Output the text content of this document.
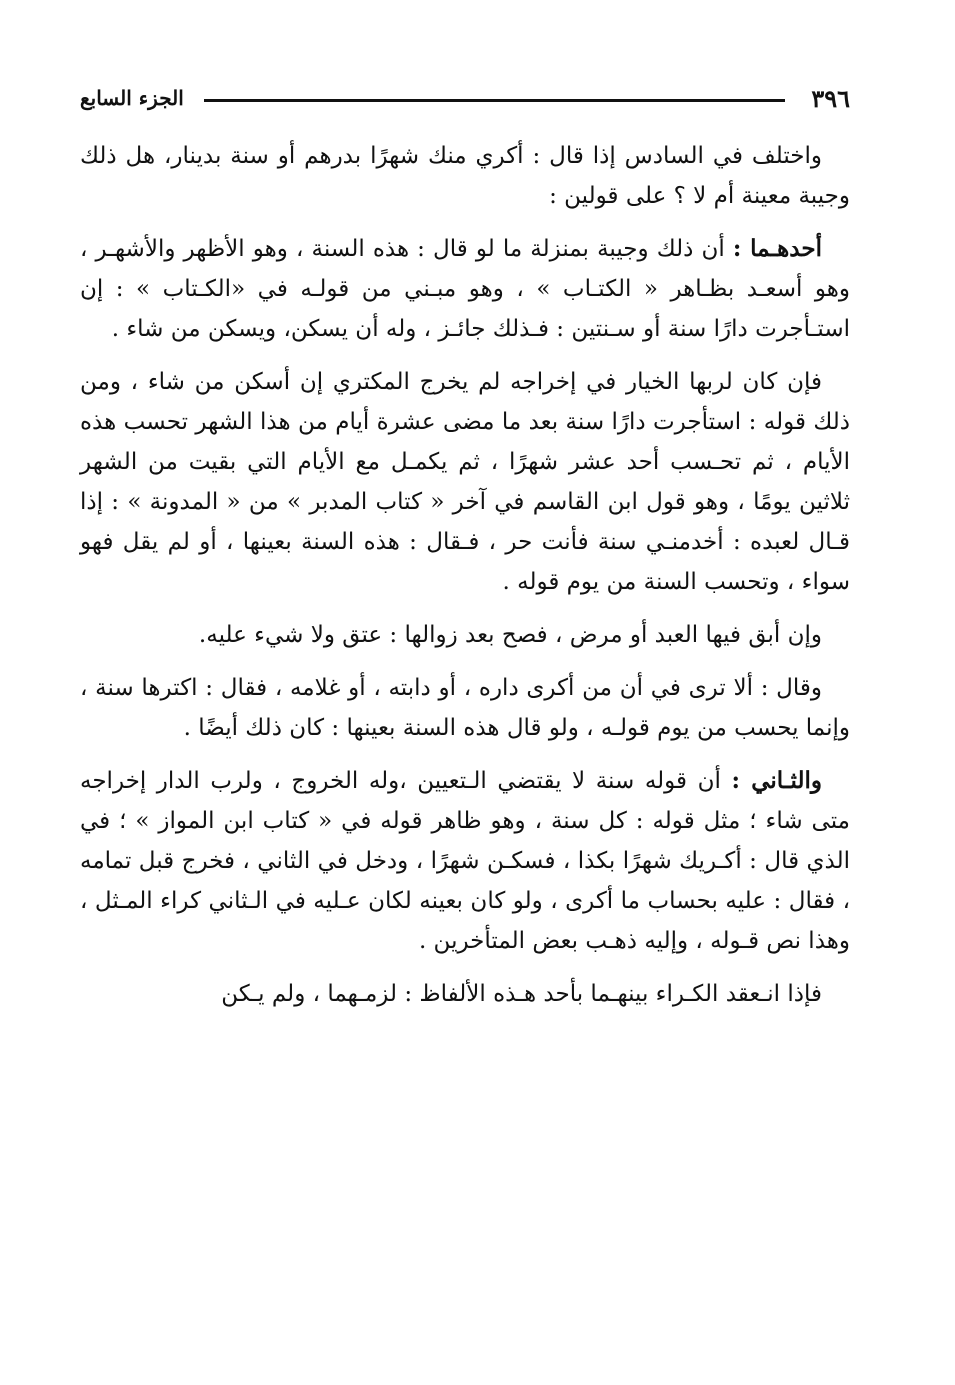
٣٩٦
الجزء السابع

واختلف في السادس إذا قال : أكري منك شهرًا بدرهم أو سنة بدينار، هل ذلك وجيبة معينة أم لا ؟ على قولين :

أحدهـما : أن ذلك وجيبة بمنزلة ما لو قال : هذه السنة ، وهو الأظهر والأشهـر ، وهو أسعـد بظـاهر « الكتـاب » ، وهو مبـني من قولـه في «الكـتاب » : إن استـأجرت دارًا سنة أو سـنتين : فـذلك جائـز ، وله أن يسكن، ويسكن من شاء .

فإن كان لربها الخيار في إخراجه لم يخرج المكتري إن أسكن من شاء ، ومن ذلك قوله : استأجرت دارًا سنة بعد ما مضى عشرة أيام من هذا الشهر تحسب هذه الأيام ، ثم تحـسب أحد عشر شهرًا ، ثم يكمـل مع الأيام التي بقيت من الشهر ثلاثين يومًا ، وهو قول ابن القاسم في آخر « كتاب المدبر » من « المدونة » : إذا قـال لعبده : أخدمنـي سنة فأنت حر ، فـقال : هذه السنة بعينها ، أو لم يقل فهو سواء ، وتحسب السنة من يوم قوله .

وإن أبق فيها العبد أو مرض ، فصح بعد زوالها : عتق ولا شيء عليه.

وقال : ألا ترى في أن من أكرى داره ، أو دابته ، أو غلامه ، فقال : اكترها سنة ، وإنما يحسب من يوم قولـه ، ولو قال هذه السنة بعينها : كان ذلك أيضًا .

والثـاني : أن قوله سنة لا يقتضي الـتعيين ،وله الخروج ، ولرب الدار إخراجه متى شاء ؛ مثل قوله : كل سنة ، وهو ظاهر قوله في « كتاب ابن المواز » ؛ في الذي قال : أكـريك شهرًا بكذا ، فسكـن شهرًا ، ودخل في الثاني ، فخرج قبل تمامه ، فقال : عليه بحساب ما أكرى ، ولو كان بعينه لكان عـليه في الـثاني كراء المـثل ، وهذا نص قـوله ، وإليه ذهـب بعض المتأخرين .

فإذا انـعقد الكـراء بينهـما بأحد هـذه الألفاظ : لزمـهما ، ولم يـكن
